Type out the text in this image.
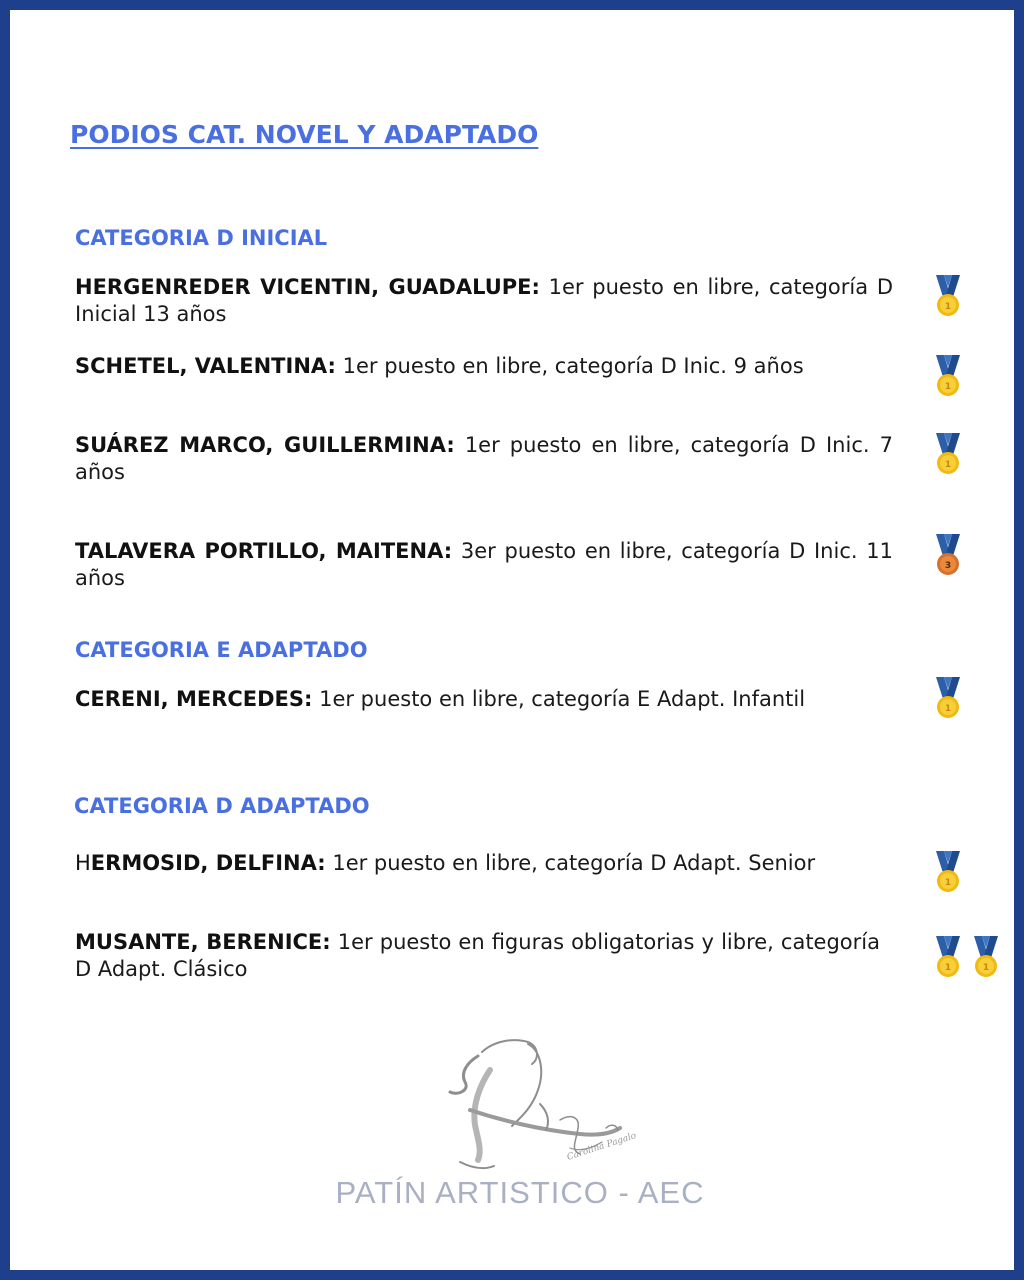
PODIOS CAT. NOVEL Y ADAPTADO
CATEGORIA D INICIAL
HERGENREDER VICENTIN, GUADALUPE: 1er puesto en libre, categoría D Inicial 13 años
SCHETEL, VALENTINA: 1er puesto en libre, categoría D Inic. 9 años
SUÁREZ MARCO, GUILLERMINA: 1er puesto en libre, categoría D Inic. 7 años
TALAVERA PORTILLO, MAITENA: 3er puesto en libre, categoría D Inic. 11 años
CATEGORIA E ADAPTADO
CERENI, MERCEDES: 1er puesto en libre, categoría E Adapt. Infantil
CATEGORIA D ADAPTADO
HERMOSID, DELFINA: 1er puesto en libre, categoría D Adapt. Senior
MUSANTE, BERENICE: 1er puesto en figuras obligatorias y libre, categoría D Adapt. Clásico
Carolina Pagalo
PATÍN ARTISTICO - AEC
